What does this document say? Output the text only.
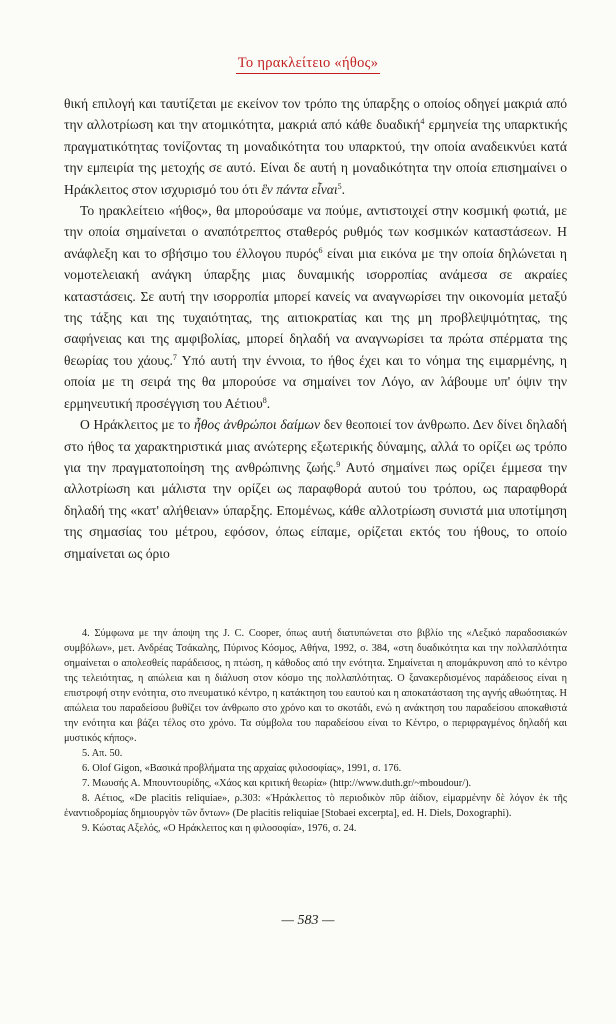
Το ηρακλείτειο «ήθος»

θική επιλογή και ταυτίζεται με εκείνον τον τρόπο της ύπαρξης ο οποίος οδηγεί μακριά από την αλλοτρίωση και την ατομικότητα, μακριά από κάθε δυαδική$^4$ ερμηνεία της υπαρκτικής πραγματικότητας τονίζοντας τη μοναδικότητα του υπαρκτού, την οποία αναδεικνύει κατά την εμπειρία της μετοχής σε αυτό. Είναι δε αυτή η μοναδικότητα την οποία επισημαίνει ο Ηράκλειτος στον ισχυρισμό του ότι ἓν πάντα εἶναι$^5$.

Το ηρακλείτειο «ήθος», θα μπορούσαμε να πούμε, αντιστοιχεί στην κοσμική φωτιά, με την οποία σημαίνεται ο αναπότρεπτος σταθερός ρυθμός των κοσμικών καταστάσεων. Η ανάφλεξη και το σβήσιμο του έλλογου πυρός$^6$ είναι μια εικόνα με την οποία δηλώνεται η νομοτελειακή ανάγκη ύπαρξης μιας δυναμικής ισορροπίας ανάμεσα σε ακραίες καταστάσεις. Σε αυτή την ισορροπία μπορεί κανείς να αναγνωρίσει την οικονομία μεταξύ της τάξης και της τυχαιότητας, της αιτιοκρατίας και της μη προβλεψιμότητας, της σαφήνειας και της αμφιβολίας, μπορεί δηλαδή να αναγνωρίσει τα πρώτα σπέρματα της θεωρίας του χάους.$^7$ Υπό αυτή την έννοια, το ήθος έχει και το νόημα της ειμαρμένης, η οποία με τη σειρά της θα μπορούσε να σημαίνει τον Λόγο, αν λάβουμε υπ' όψιν την ερμηνευτική προσέγγιση του Αέτιου$^8$.

Ο Ηράκλειτος με το ἦθος ἀνθρώποι δαίμων δεν θεοποιεί τον άνθρωπο. Δεν δίνει δηλαδή στο ήθος τα χαρακτηριστικά μιας ανώτερης εξωτερικής δύναμης, αλλά το ορίζει ως τρόπο για την πραγματοποίηση της ανθρώπινης ζωής.$^9$ Αυτό σημαίνει πως ορίζει έμμεσα την αλλοτρίωση και μάλιστα την ορίζει ως παραφθορά αυτού του τρόπου, ως παραφθορά δηλαδή της «κατ' αλήθειαν» ύπαρξης. Επομένως, κάθε αλλοτρίωση συνιστά μια υποτίμηση της σημασίας του μέτρου, εφόσον, όπως είπαμε, ορίζεται εκτός του ήθους, το οποίο σημαίνεται ως όριο

4. Σύμφωνα με την άποψη της J. C. Cooper, όπως αυτή διατυπώνεται στο βιβλίο της «Λεξικό παραδοσιακών συμβόλων», μετ. Ανδρέας Τσάκαλης, Πύρινος Κόσμος, Αθήνα, 1992, σ. 384, «στη δυαδικότητα και την πολλαπλότητα σημαίνεται ο απολεσθείς παράδεισος, η πτώση, η κάθοδος από την ενότητα. Σημαίνεται η απομάκρυνση από το κέντρο της τελειότητας, η απώλεια και η διάλυση στον κόσμο της πολλαπλότητας. Ο ξανακερδισμένος παράδεισος είναι η επιστροφή στην ενότητα, στο πνευματικό κέντρο, η κατάκτηση του εαυτού και η αποκατάσταση της αγνής αθωότητας. Η απώλεια του παραδείσου βυθίζει τον άνθρωπο στο χρόνο και το σκοτάδι, ενώ η ανάκτηση του παραδείσου αποκαθιστά την ενότητα και βάζει τέλος στο χρόνο. Τα σύμβολα του παραδείσου είναι το Κέντρο, ο περιφραγμένος δηλαδή και μυστικός κήπος».

5. Απ. 50.

6. Olof Gigon, «Βασικά προβλήματα της αρχαίας φιλοσοφίας», 1991, σ. 176.

7. Μωυσής Α. Μπουντουρίδης, «Χάος και κριτική θεωρία» (http://www.duth.gr/~mboudour/).

8. Αέτιος, «De placitis reliquiae», ρ.303: «Ἡράκλειτος τὸ περιοδικὸν πῦρ ἀίδιον, εἱμαρμένην δὲ λόγον ἐκ τῆς ἐναντιοδρομίας δημιουργὸν τῶν ὄντων» (De placitis reliquiae [Stobaei excerpta], ed. H. Diels, Doxographi).

9. Κώστας Αξελός, «Ο Ηράκλειτος και η φιλοσοφία», 1976, σ. 24.

— 583 —
